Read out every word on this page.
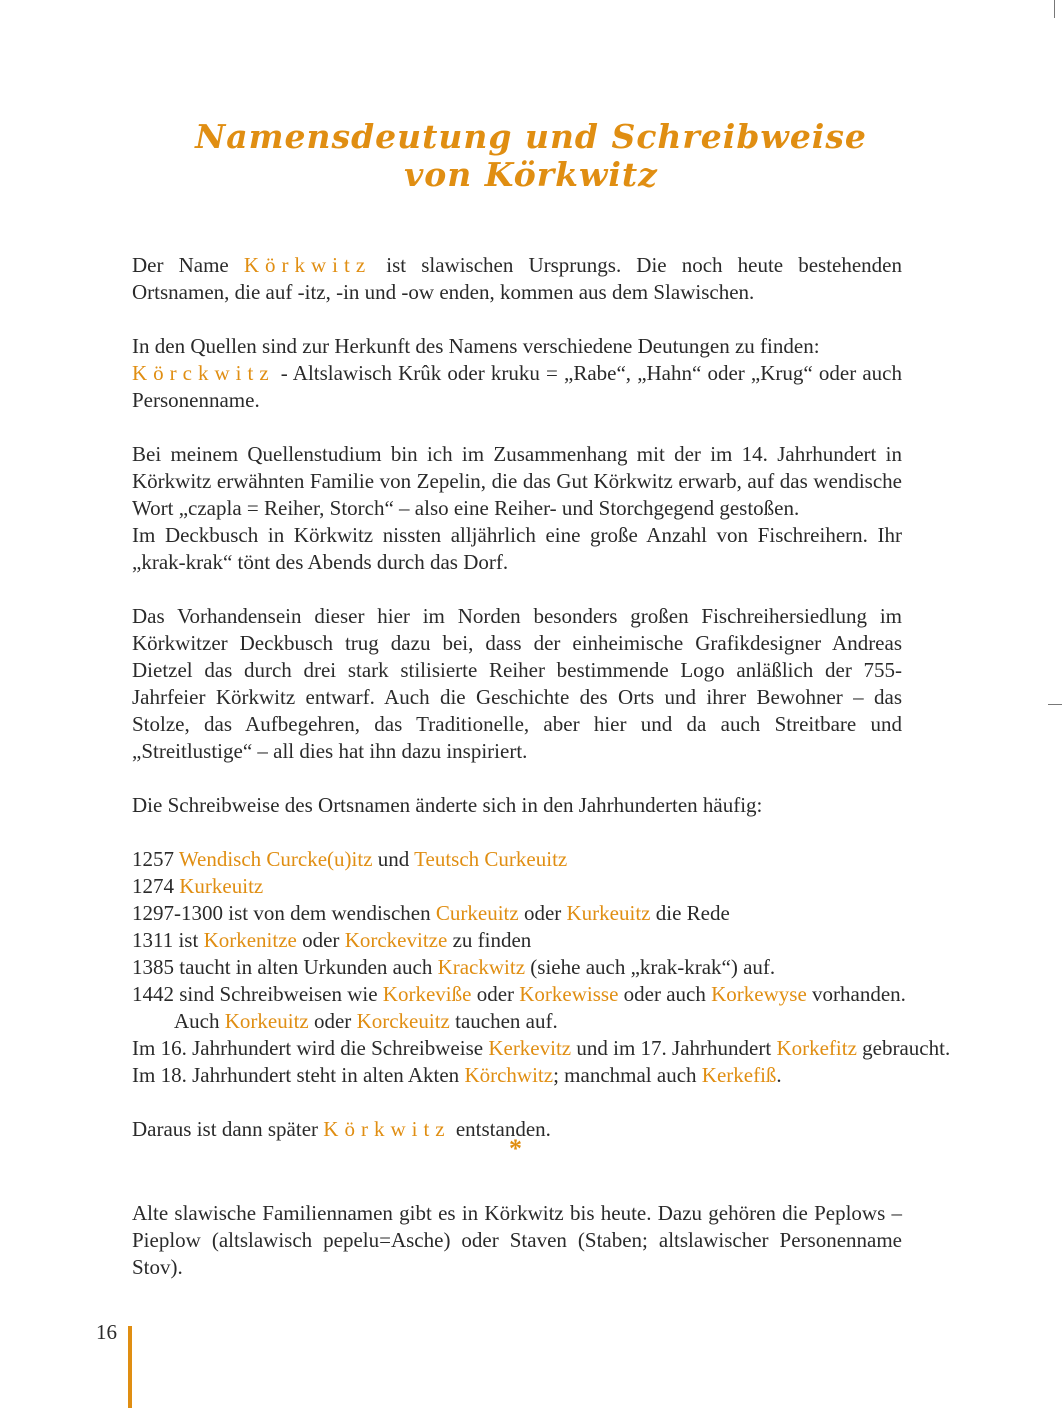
Namensdeutung und Schreibweise
von Körkwitz

Der Name Körkwitz ist slawischen Ursprungs. Die noch heute bestehenden Ortsnamen, die auf -itz, -in und -ow enden, kommen aus dem Slawischen.

In den Quellen sind zur Herkunft des Namens verschiedene Deutungen zu finden:
Körckwitz - Altslawisch Krûk oder kruku = „Rabe“, „Hahn“ oder „Krug“ oder auch Personenname.

Bei meinem Quellenstudium bin ich im Zusammenhang mit der im 14. Jahrhundert in Körkwitz erwähnten Familie von Zepelin, die das Gut Körkwitz erwarb, auf das wendische Wort „czapla = Reiher, Storch“ – also eine Reiher- und Storchgegend gestoßen.
Im Deckbusch in Körkwitz nissten alljährlich eine große Anzahl von Fischreihern. Ihr „krak-krak“ tönt des Abends durch das Dorf.

Das Vorhandensein dieser hier im Norden besonders großen Fischreihersiedlung im Körkwitzer Deckbusch trug dazu bei, dass der einheimische Grafikdesigner Andreas Dietzel das durch drei stark stilisierte Reiher bestimmende Logo anläßlich der 755-Jahrfeier Körkwitz entwarf. Auch die Geschichte des Orts und ihrer Bewohner – das Stolze, das Aufbegehren, das Traditionelle, aber hier und da auch Streitbare und „Streitlustige“ – all dies hat ihn dazu inspiriert.

Die Schreibweise des Ortsnamen änderte sich in den Jahrhunderten häufig:

1257 Wendisch Curcke(u)itz und Teutsch Curkeuitz

1274 Kurkeuitz

1297-1300 ist von dem wendischen Curkeuitz oder Kurkeuitz die Rede

1311 ist Korkenitze oder Korckevitze zu finden

1385 taucht in alten Urkunden auch Krackwitz (siehe auch „krak-krak“) auf.

1442 sind Schreibweisen wie Korkeviße oder Korkewisse oder auch Korkewyse vorhanden.

Auch Korkeuitz oder Korckeuitz tauchen auf.

Im 16. Jahrhundert wird die Schreibweise Kerkevitz und im 17. Jahrhundert Korkefitz gebraucht.

Im 18. Jahrhundert steht in alten Akten Körchwitz; manchmal auch Kerkefiß.

Daraus ist dann später Körkwitz entstanden.

*

Alte slawische Familiennamen gibt es in Körkwitz bis heute. Dazu gehören die Peplows – Pieplow (altslawisch pepelu=Asche) oder Staven (Staben; altslawischer Personenname Stov).

16
